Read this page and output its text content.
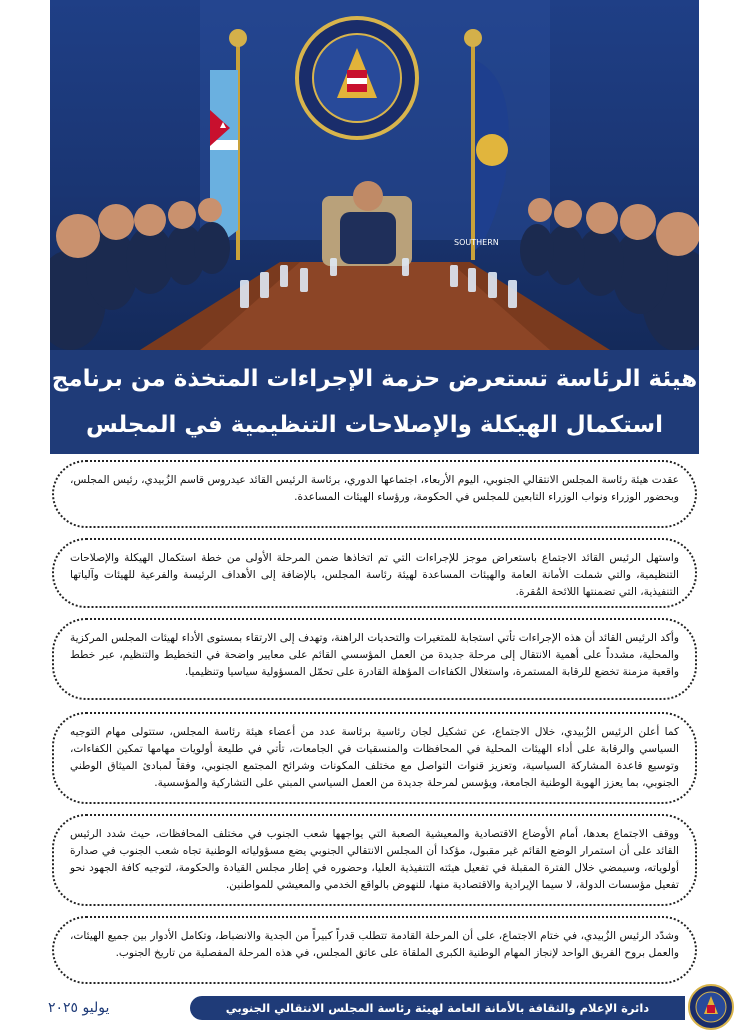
SOUTHERN
هيئة الرئاسة تستعرض حزمة الإجراءات المتخذة من برنامج
استكمال الهيكلة والإصلاحات التنظيمية في المجلس
عقدت هيئة رئاسة المجلس الانتقالي الجنوبي، اليوم الأربعاء، اجتماعها الدوري، برئاسة الرئيس القائد عيدروس قاسم الزُبيدي، رئيس المجلس، وبحضور الوزراء ونواب الوزراء التابعين للمجلس في الحكومة، ورؤساء الهيئات المساعدة.
واستهل الرئيس القائد الاجتماع باستعراض موجز للإجراءات التي تم اتخاذها ضمن المرحلة الأولى من خطة استكمال الهيكلة والإصلاحات التنظيمية، والتي شملت الأمانة العامة والهيئات المساعدة لهيئة رئاسة المجلس، بالإضافة إلى الأهداف الرئيسة والفرعية للهيئات وآلياتها التنفيذية، التي تضمنتها اللائحة المُقرة.
وأكد الرئيس القائد أن هذه الإجراءات تأتي استجابة للمتغيرات والتحديات الراهنة، وتهدف إلى الارتقاء بمستوى الأداء لهيئات المجلس المركزية والمحلية، مشدداً على أهمية الانتقال إلى مرحلة جديدة من العمل المؤسسي القائم على معايير واضحة في التخطيط والتنظيم، عبر خطط واقعية مزمنة تخضع للرقابة المستمرة، واستغلال الكفاءات المؤهلة القادرة على تحمّل المسؤولية سياسيا وتنظيميا.
كما أعلن الرئيس الزُبيدي، خلال الاجتماع، عن تشكيل لجان رئاسية برئاسة عدد من أعضاء هيئة رئاسة المجلس، ستتولى مهام التوجيه السياسي والرقابة على أداء الهيئات المحلية في المحافظات والمنسقيات في الجامعات، تأتي في طليعة أولويات مهامها تمكين الكفاءات، وتوسيع قاعدة المشاركة السياسية، وتعزيز قنوات التواصل مع مختلف المكونات وشرائح المجتمع الجنوبي، وفقاً لمبادئ الميثاق الوطني الجنوبي، بما يعزز الهوية الوطنية الجامعة، ويؤسس لمرحلة جديدة من العمل السياسي المبني على التشاركية والمؤسسية.
ووقف الاجتماع بعدها، أمام الأوضاع الاقتصادية والمعيشية الصعبة التي يواجهها شعب الجنوب في مختلف المحافظات، حيث شدد الرئيس القائد على أن استمرار الوضع القائم غير مقبول، مؤكدا أن المجلس الانتقالي الجنوبي يضع مسؤولياته الوطنية تجاه شعب الجنوب في صدارة أولوياته، وسيمضي خلال الفترة المقبلة في تفعيل هيئته التنفيذية العليا، وحضوره في إطار مجلس القيادة والحكومة، لتوجيه كافة الجهود نحو تفعيل مؤسسات الدولة، لا سيما الإيرادية والاقتصادية منها، للنهوض بالواقع الخدمي والمعيشي للمواطنين.
وشدّد الرئيس الزُبيدي، في ختام الاجتماع، على أن المرحلة القادمة تتطلب قدراً كبيراً من الجدية والانضباط، وتكامل الأدوار بين جميع الهيئات، والعمل بروح الفريق الواحد لإنجاز المهام الوطنية الكبرى الملقاة على عاتق المجلس، في هذه المرحلة المفصلية من تاريخ الجنوب.
يوليو ٢٠٢٥	دائرة الإعلام والثقافة بالأمانة العامة لهيئة رئاسة المجلس الانتقالي الجنوبي
